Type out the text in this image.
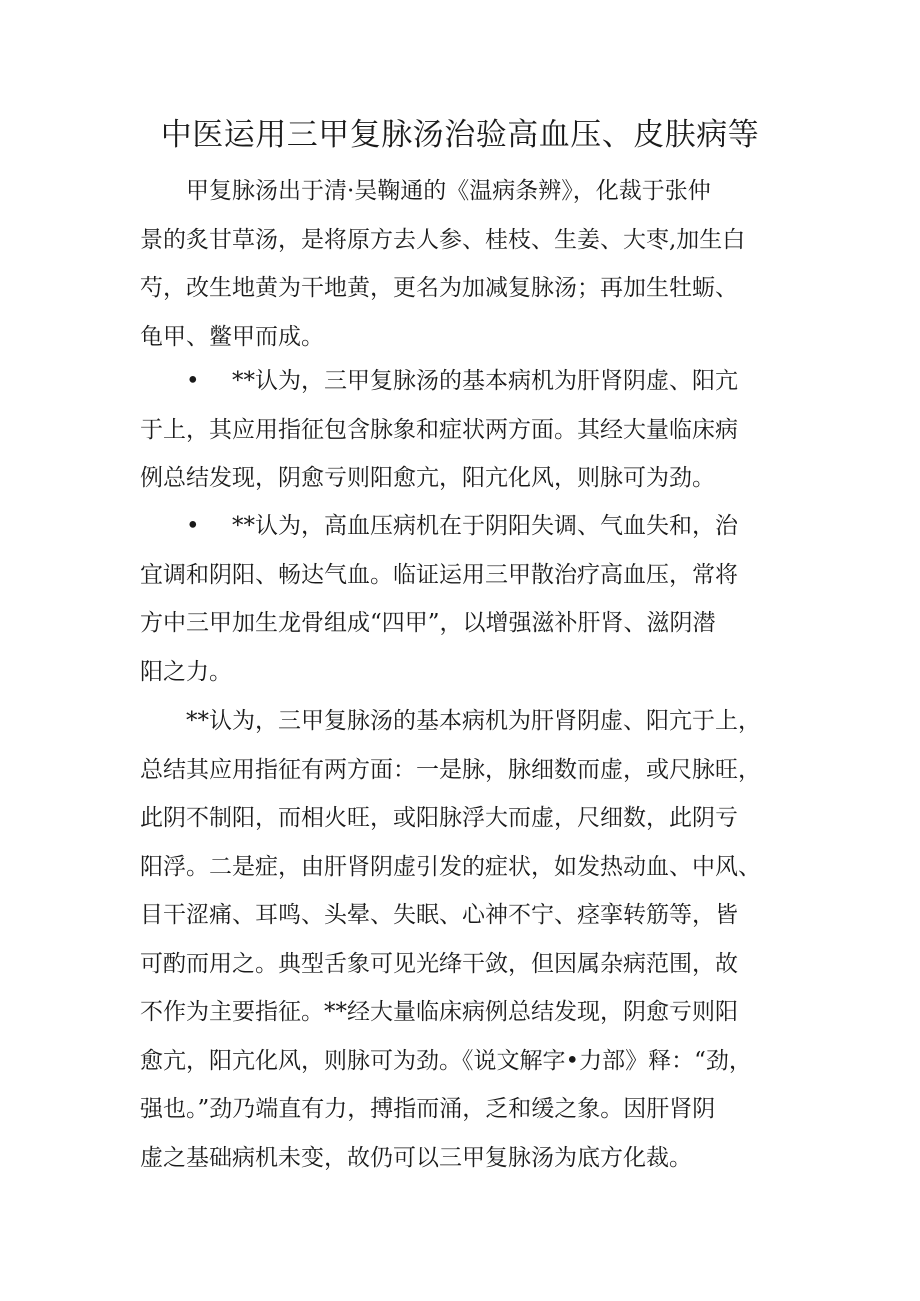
中医运用三甲复脉汤治验高血压、皮肤病等
甲复脉汤出于清·吴鞠通的《温病条辨》，化裁于张仲
景的炙甘草汤，是将原方去人参、桂枝、生姜、大枣,加生白
芍，改生地黄为干地黄，更名为加减复脉汤；再加生牡蛎、
龟甲、鳖甲而成。
• **认为，三甲复脉汤的基本病机为肝肾阴虚、阳亢
于上，其应用指征包含脉象和症状两方面。其经大量临床病
例总结发现，阴愈亏则阳愈亢，阳亢化风，则脉可为劲。
• **认为，高血压病机在于阴阳失调、气血失和，治
宜调和阴阳、畅达气血。临证运用三甲散治疗高血压，常将
方中三甲加生龙骨组成“四甲”，以增强滋补肝肾、滋阴潜
阳之力。
**认为，三甲复脉汤的基本病机为肝肾阴虚、阳亢于上，
总结其应用指征有两方面：一是脉，脉细数而虚，或尺脉旺，
此阴不制阳，而相火旺，或阳脉浮大而虚，尺细数，此阴亏
阳浮。二是症，由肝肾阴虚引发的症状，如发热动血、中风、
目干涩痛、耳鸣、头晕、失眠、心神不宁、痉挛转筋等，皆
可酌而用之。典型舌象可见光绛干敛，但因属杂病范围，故
不作为主要指征。**经大量临床病例总结发现，阴愈亏则阳
愈亢，阳亢化风，则脉可为劲。《说文解字•力部》释：“劲，
强也。”劲乃端直有力，搏指而涌，乏和缓之象。因肝肾阴
虚之基础病机未变，故仍可以三甲复脉汤为底方化裁。
